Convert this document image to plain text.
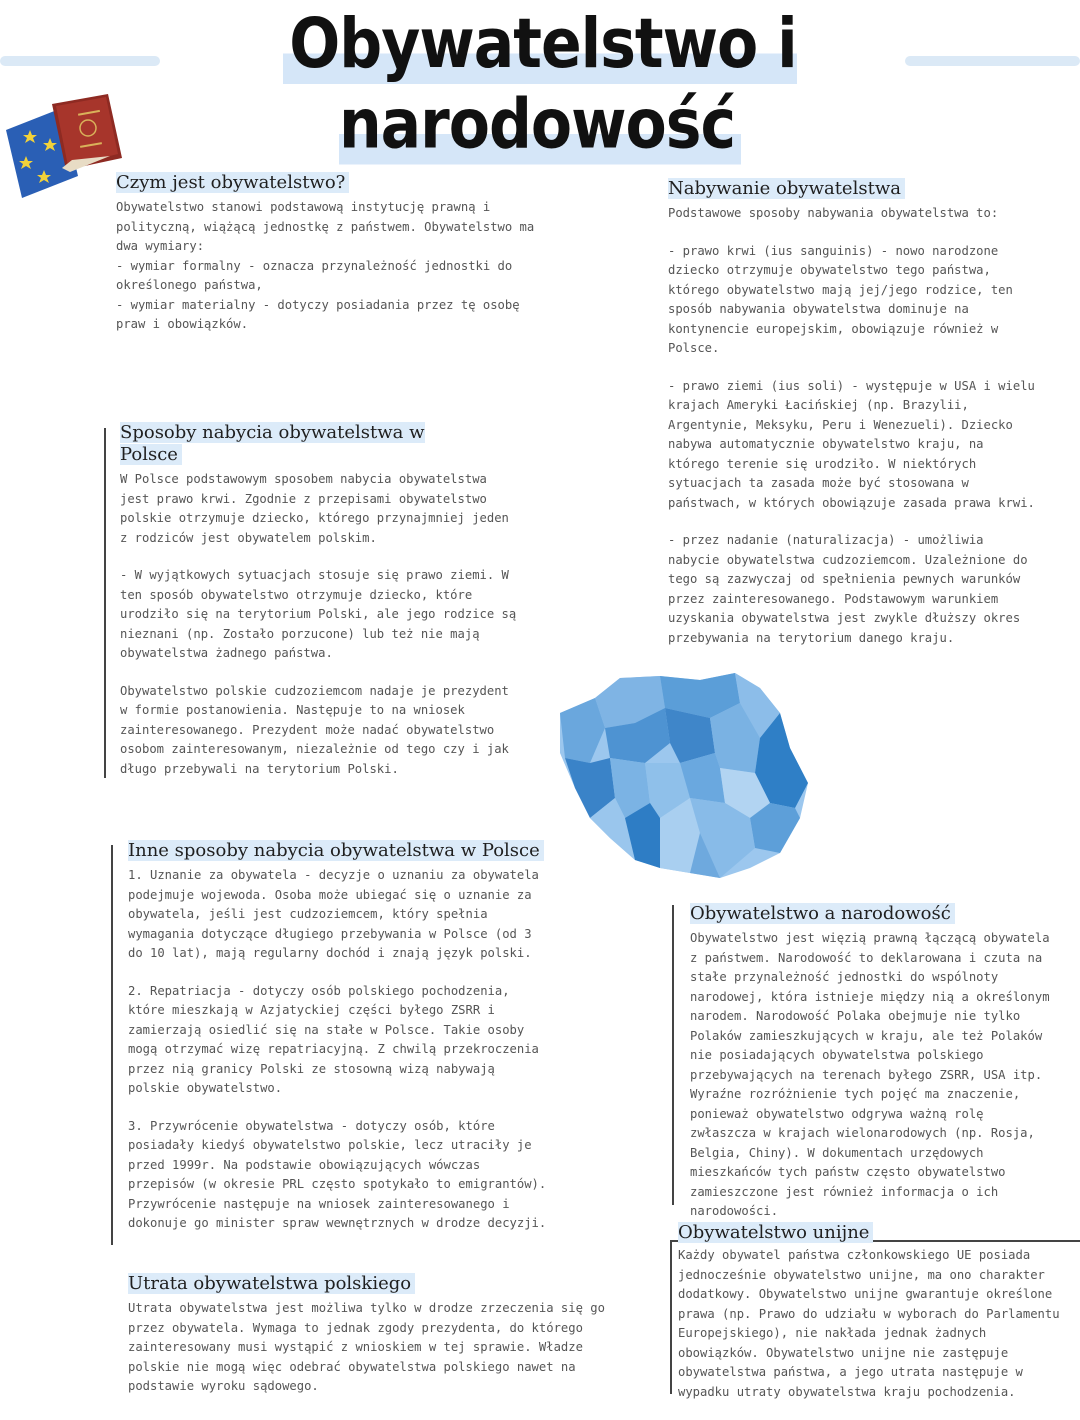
Obywatelstwo i narodowość
Czym jest obywatelstwo?

Obywatelstwo stanowi podstawową instytucję prawną i polityczną, wiążącą jednostkę z państwem. Obywatelstwo ma dwa wymiary:

- wymiar formalny - oznacza przynależność jednostki do określonego państwa,

- wymiar materialny - dotyczy posiadania przez tę osobę praw i obowiązków.

Nabywanie obywatelstwa

Podstawowe sposoby nabywania obywatelstwa to:

- prawo krwi (ius sanguinis) - nowo narodzone dziecko otrzymuje obywatelstwo tego państwa, którego obywatelstwo mają jej/jego rodzice, ten sposób nabywania obywatelstwa dominuje na kontynencie europejskim, obowiązuje również w Polsce.

- prawo ziemi (ius soli) - występuje w USA i wielu krajach Ameryki Łacińskiej (np. Brazylii, Argentynie, Meksyku, Peru i Wenezueli). Dziecko nabywa automatycznie obywatelstwo kraju, na którego terenie się urodziło. W niektórych sytuacjach ta zasada może być stosowana w państwach, w których obowiązuje zasada prawa krwi.

- przez nadanie (naturalizacja) - umożliwia nabycie obywatelstwa cudzoziemcom. Uzależnione do tego są zazwyczaj od spełnienia pewnych warunków przez zainteresowanego. Podstawowym warunkiem uzyskania obywatelstwa jest zwykle dłuższy okres przebywania na terytorium danego kraju.

Sposoby nabycia obywatelstwa w Polsce

W Polsce podstawowym sposobem nabycia obywatelstwa jest prawo krwi. Zgodnie z przepisami obywatelstwo polskie otrzymuje dziecko, którego przynajmniej jeden z rodziców jest obywatelem polskim.

- W wyjątkowych sytuacjach stosuje się prawo ziemi. W ten sposób obywatelstwo otrzymuje dziecko, które urodziło się na terytorium Polski, ale jego rodzice są nieznani (np. Zostało porzucone) lub też nie mają obywatelstwa żadnego państwa.

Obywatelstwo polskie cudzoziemcom nadaje je prezydent w formie postanowienia. Następuje to na wniosek zainteresowanego. Prezydent może nadać obywatelstwo osobom zainteresowanym, niezależnie od tego czy i jak długo przebywali na terytorium Polski.

Inne sposoby nabycia obywatelstwa w Polsce

1. Uznanie za obywatela - decyzje o uznaniu za obywatela podejmuje wojewoda. Osoba może ubiegać się o uznanie za obywatela, jeśli jest cudzoziemcem, który spełnia wymagania dotyczące długiego przebywania w Polsce (od 3 do 10 lat), mają regularny dochód i znają język polski.

2. Repatriacja - dotyczy osób polskiego pochodzenia, które mieszkają w Azjatyckiej części byłego ZSRR i zamierzają osiedlić się na stałe w Polsce. Takie osoby mogą otrzymać wizę repatriacyjną. Z chwilą przekroczenia przez nią granicy Polski ze stosowną wizą nabywają polskie obywatelstwo.

3. Przywrócenie obywatelstwa - dotyczy osób, które posiadały kiedyś obywatelstwo polskie, lecz utraciły je przed 1999r. Na podstawie obowiązujących wówczas przepisów (w okresie PRL często spotykało to emigrantów). Przywrócenie następuje na wniosek zainteresowanego i dokonuje go minister spraw wewnętrznych w drodze decyzji.

Utrata obywatelstwa polskiego

Utrata obywatelstwa jest możliwa tylko w drodze zrzeczenia się go przez obywatela. Wymaga to jednak zgody prezydenta, do którego zainteresowany musi wystąpić z wnioskiem w tej sprawie. Władze polskie nie mogą więc odebrać obywatelstwa polskiego nawet na podstawie wyroku sądowego.

Obywatelstwo a narodowość

Obywatelstwo jest więzią prawną łączącą obywatela z państwem. Narodowość to deklarowana i czuta na stałe przynależność jednostki do wspólnoty narodowej, która istnieje między nią a określonym narodem. Narodowość Polaka obejmuje nie tylko Polaków zamieszkujących w kraju, ale też Polaków nie posiadających obywatelstwa polskiego przebywających na terenach byłego ZSRR, USA itp. Wyraźne rozróżnienie tych pojęć ma znaczenie, ponieważ obywatelstwo odgrywa ważną rolę zwłaszcza w krajach wielonarodowych (np. Rosja, Belgia, Chiny). W dokumentach urzędowych mieszkańców tych państw często obywatelstwo zamieszczone jest również informacja o ich narodowości.

Obywatelstwo unijne

Każdy obywatel państwa członkowskiego UE posiada jednocześnie obywatelstwo unijne, ma ono charakter dodatkowy. Obywatelstwo unijne gwarantuje określone prawa (np. Prawo do udziału w wyborach do Parlamentu Europejskiego), nie nakłada jednak żadnych obowiązków. Obywatelstwo unijne nie zastępuje obywatelstwa państwa, a jego utrata następuje w wypadku utraty obywatelstwa kraju pochodzenia.
